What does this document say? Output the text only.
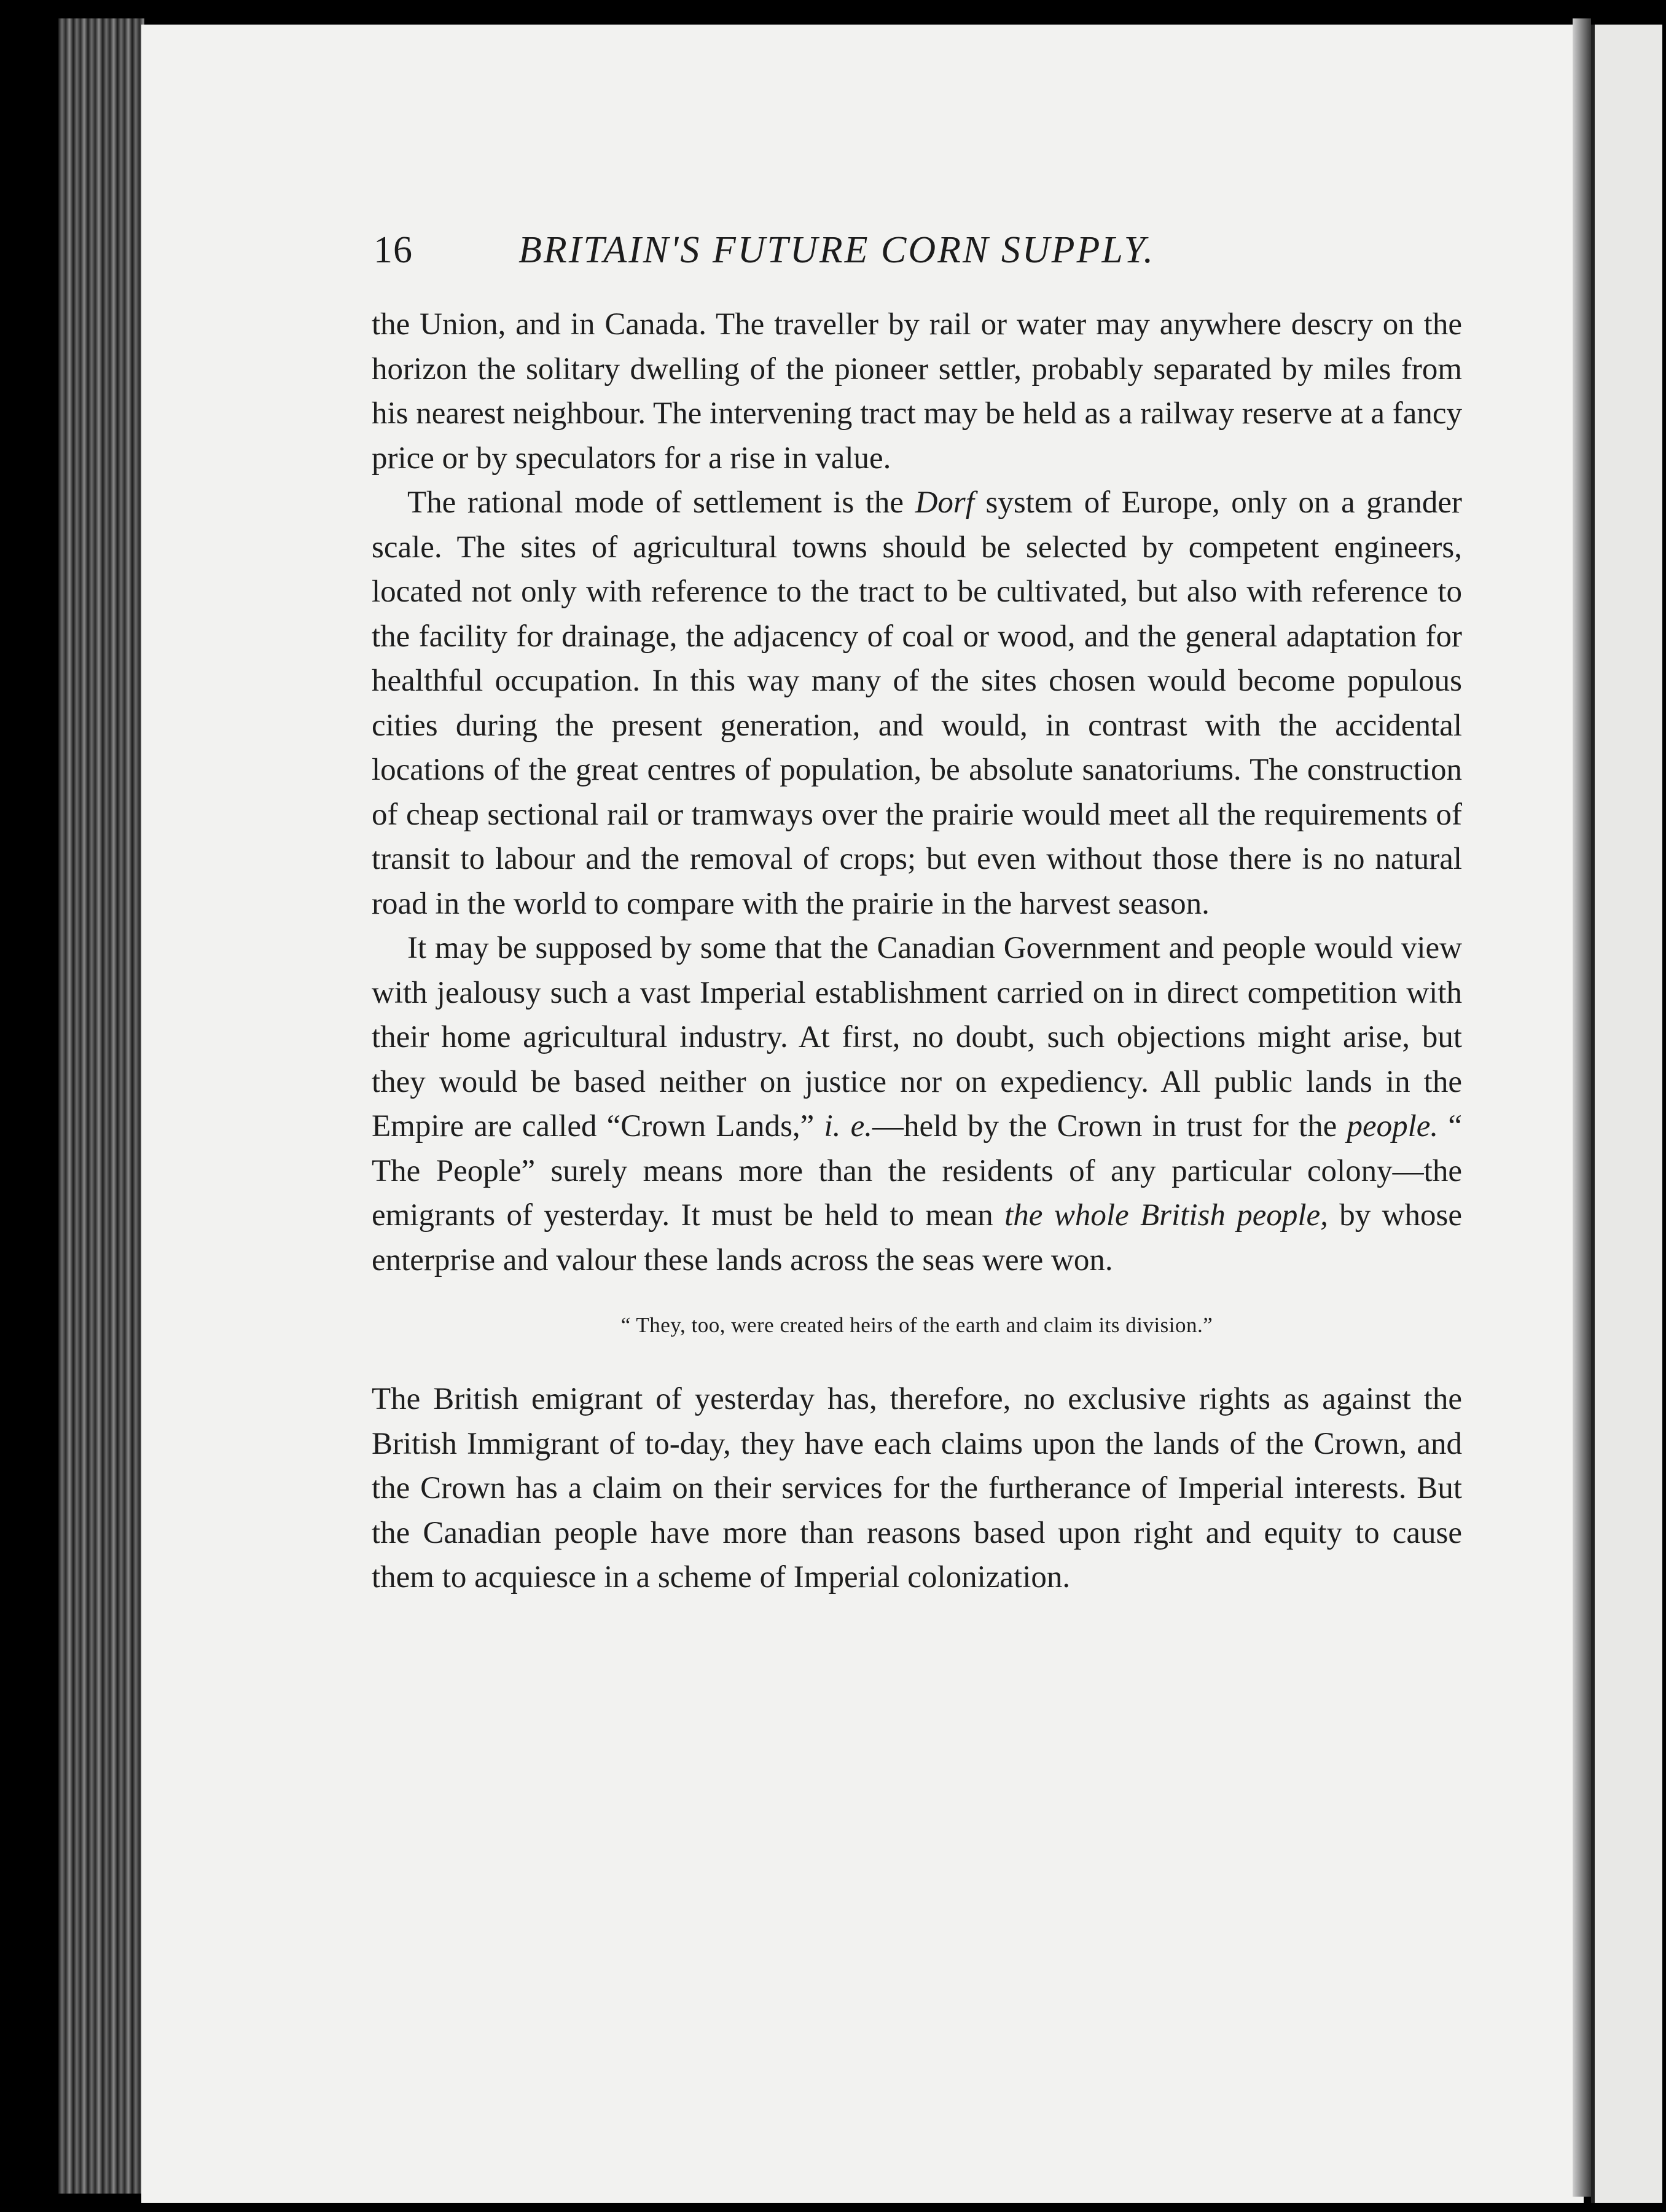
16	BRITAIN'S FUTURE CORN SUPPLY.

the Union, and in Canada. The traveller by rail or water may anywhere descry on the horizon the solitary dwelling of the pioneer settler, probably separated by miles from his nearest neighbour. The intervening tract may be held as a railway reserve at a fancy price or by speculators for a rise in value.

The rational mode of settlement is the Dorf system of Europe, only on a grander scale. The sites of agricultural towns should be selected by competent engineers, located not only with reference to the tract to be cultivated, but also with reference to the facility for drainage, the adjacency of coal or wood, and the general adaptation for healthful occupation. In this way many of the sites chosen would become populous cities during the present generation, and would, in contrast with the accidental locations of the great centres of population, be absolute sanatoriums. The construction of cheap sectional rail or tramways over the prairie would meet all the requirements of transit to labour and the removal of crops; but even without those there is no natural road in the world to compare with the prairie in the harvest season.

It may be supposed by some that the Canadian Government and people would view with jealousy such a vast Imperial establishment carried on in direct competition with their home agricultural industry. At first, no doubt, such objections might arise, but they would be based neither on justice nor on expediency. All public lands in the Empire are called “Crown Lands,” i. e.—held by the Crown in trust for the people. “ The People” surely means more than the residents of any particular colony—the emigrants of yesterday. It must be held to mean the whole British people, by whose enterprise and valour these lands across the seas were won.

“ They, too, were created heirs of the earth and claim its division.”

The British emigrant of yesterday has, therefore, no exclusive rights as against the British Immigrant of to-day, they have each claims upon the lands of the Crown, and the Crown has a claim on their services for the furtherance of Imperial interests. But the Canadian people have more than reasons based upon right and equity to cause them to acquiesce in a scheme of Imperial colonization.
